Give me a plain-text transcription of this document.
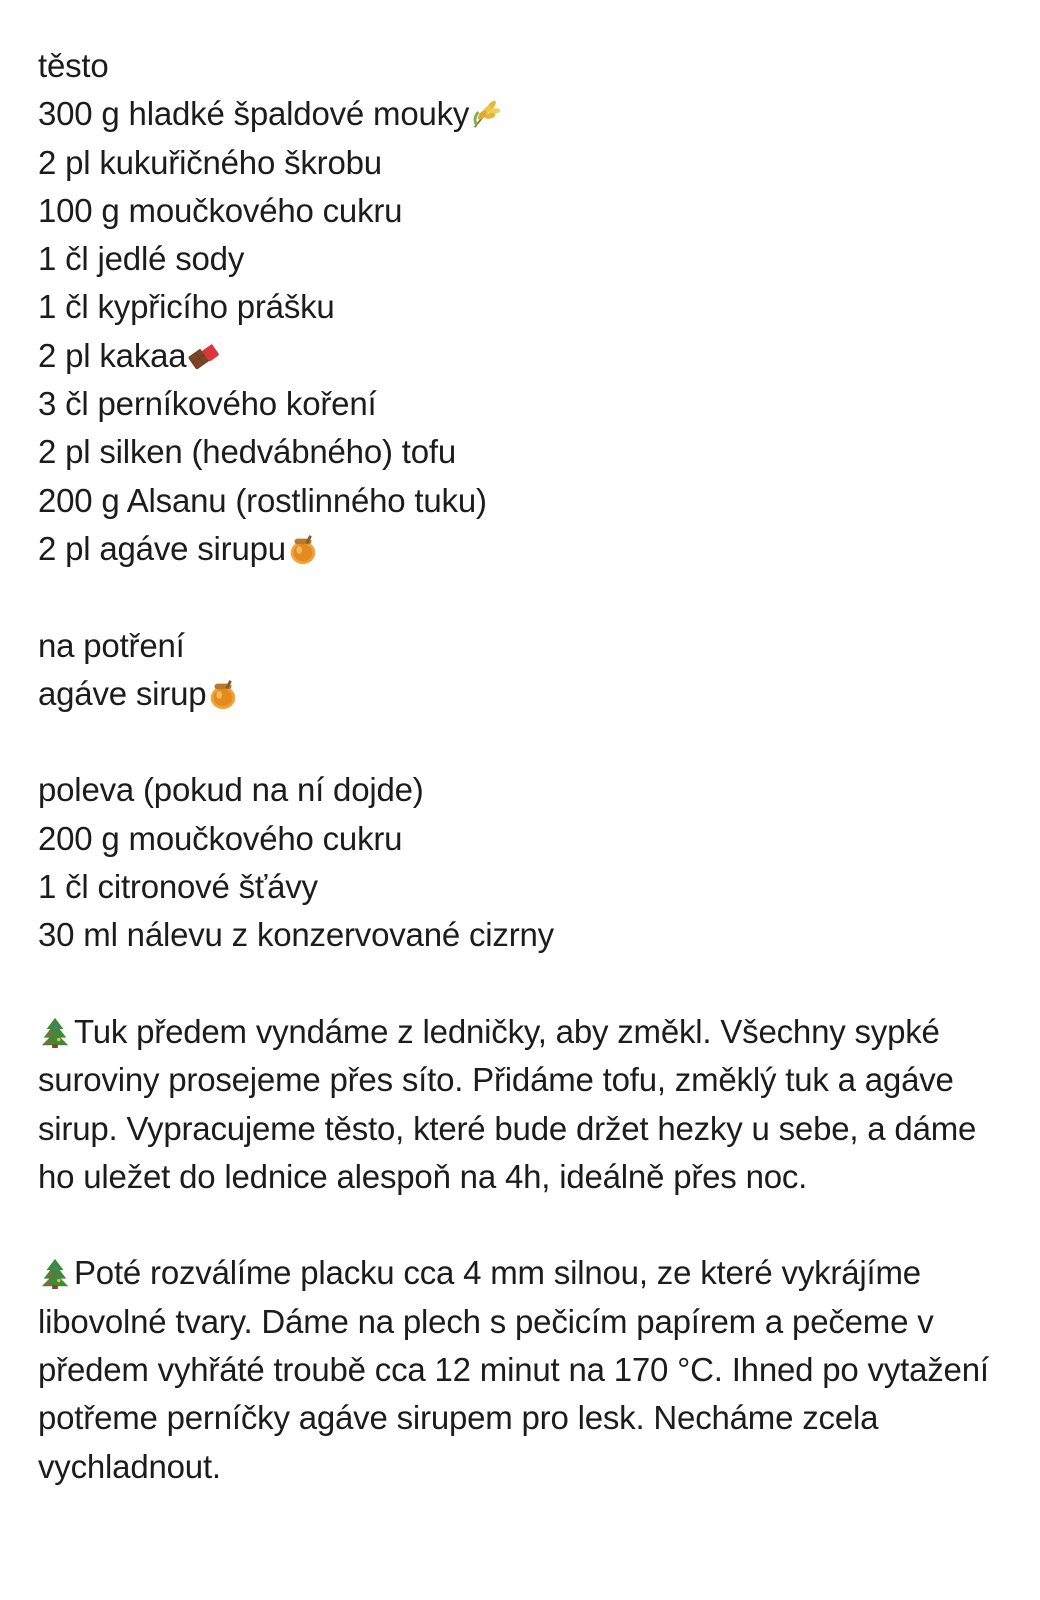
těsto
300 g hladké špaldové mouky
2 pl kukuřičného škrobu
100 g moučkového cukru
1 čl jedlé sody
1 čl kypřicího prášku
2 pl kakaa
3 čl perníkového koření
2 pl silken (hedvábného) tofu
200 g Alsanu (rostlinného tuku)
2 pl agáve sirupu
na potření
agáve sirup
poleva (pokud na ní dojde)
200 g moučkového cukru
1 čl citronové šťávy
30 ml nálevu z konzervované cizrny
Tuk předem vyndáme z ledničky, aby změkl. Všechny sypké suroviny prosejeme přes síto. Přidáme tofu, změklý tuk a agáve sirup. Vypracujeme těsto, které bude držet hezky u sebe, a dáme ho uležet do lednice alespoň na 4h, ideálně přes noc.
Poté rozválíme placku cca 4 mm silnou, ze které vykrájíme libovolné tvary. Dáme na plech s pečicím papírem a pečeme v předem vyhřáté troubě cca 12 minut na 170 °C. Ihned po vytažení potřeme perníčky agáve sirupem pro lesk. Necháme zcela vychladnout.
